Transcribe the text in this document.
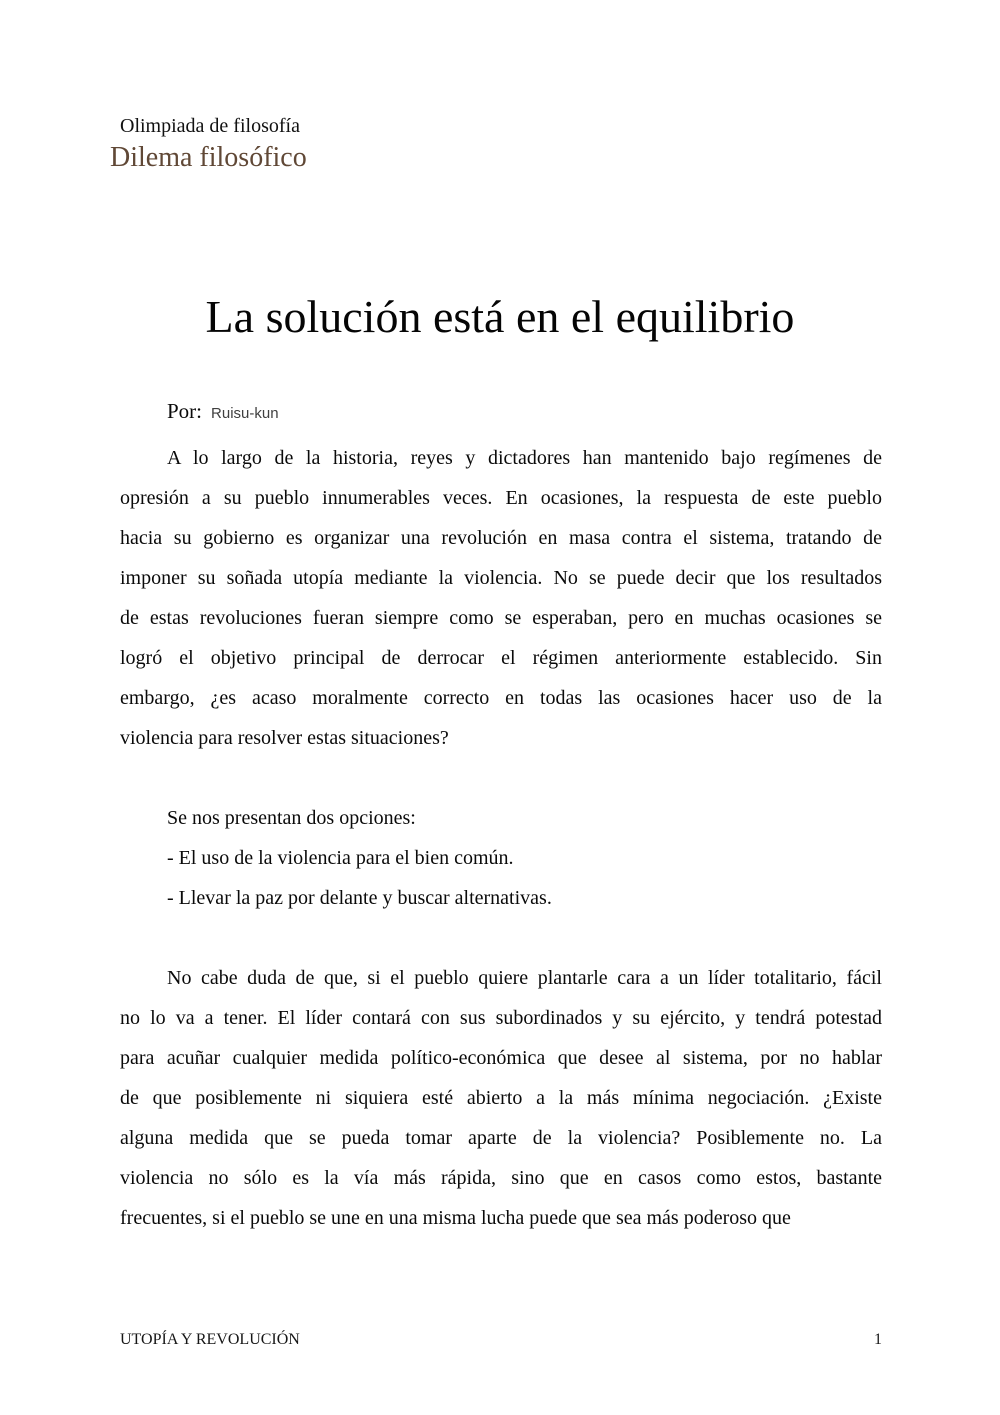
Olimpiada de filosofía
Dilema filosófico
La solución está en el equilibrio
Por: Ruisu-kun
A lo largo de la historia, reyes y dictadores han mantenido bajo regímenes de
opresión a su pueblo innumerables veces. En ocasiones, la respuesta de este pueblo
hacia su gobierno es organizar una revolución en masa contra el sistema, tratando de
imponer su soñada utopía mediante la violencia. No se puede decir que los resultados
de estas revoluciones fueran siempre como se esperaban, pero en muchas ocasiones se
logró el objetivo principal de derrocar el régimen anteriormente establecido. Sin
embargo, ¿es acaso moralmente correcto en todas las ocasiones hacer uso de la
violencia para resolver estas situaciones?
Se nos presentan dos opciones:
- El uso de la violencia para el bien común.
- Llevar la paz por delante y buscar alternativas.
No cabe duda de que, si el pueblo quiere plantarle cara a un líder totalitario, fácil
no lo va a tener. El líder contará con sus subordinados y su ejército, y tendrá potestad
para acuñar cualquier medida político-económica que desee al sistema, por no hablar
de que posiblemente ni siquiera esté abierto a la más mínima negociación. ¿Existe
alguna medida que se pueda tomar aparte de la violencia? Posiblemente no. La
violencia no sólo es la vía más rápida, sino que en casos como estos, bastante
frecuentes, si el pueblo se une en una misma lucha puede que sea más poderoso que
UTOPÍA Y REVOLUCIÓN	1
